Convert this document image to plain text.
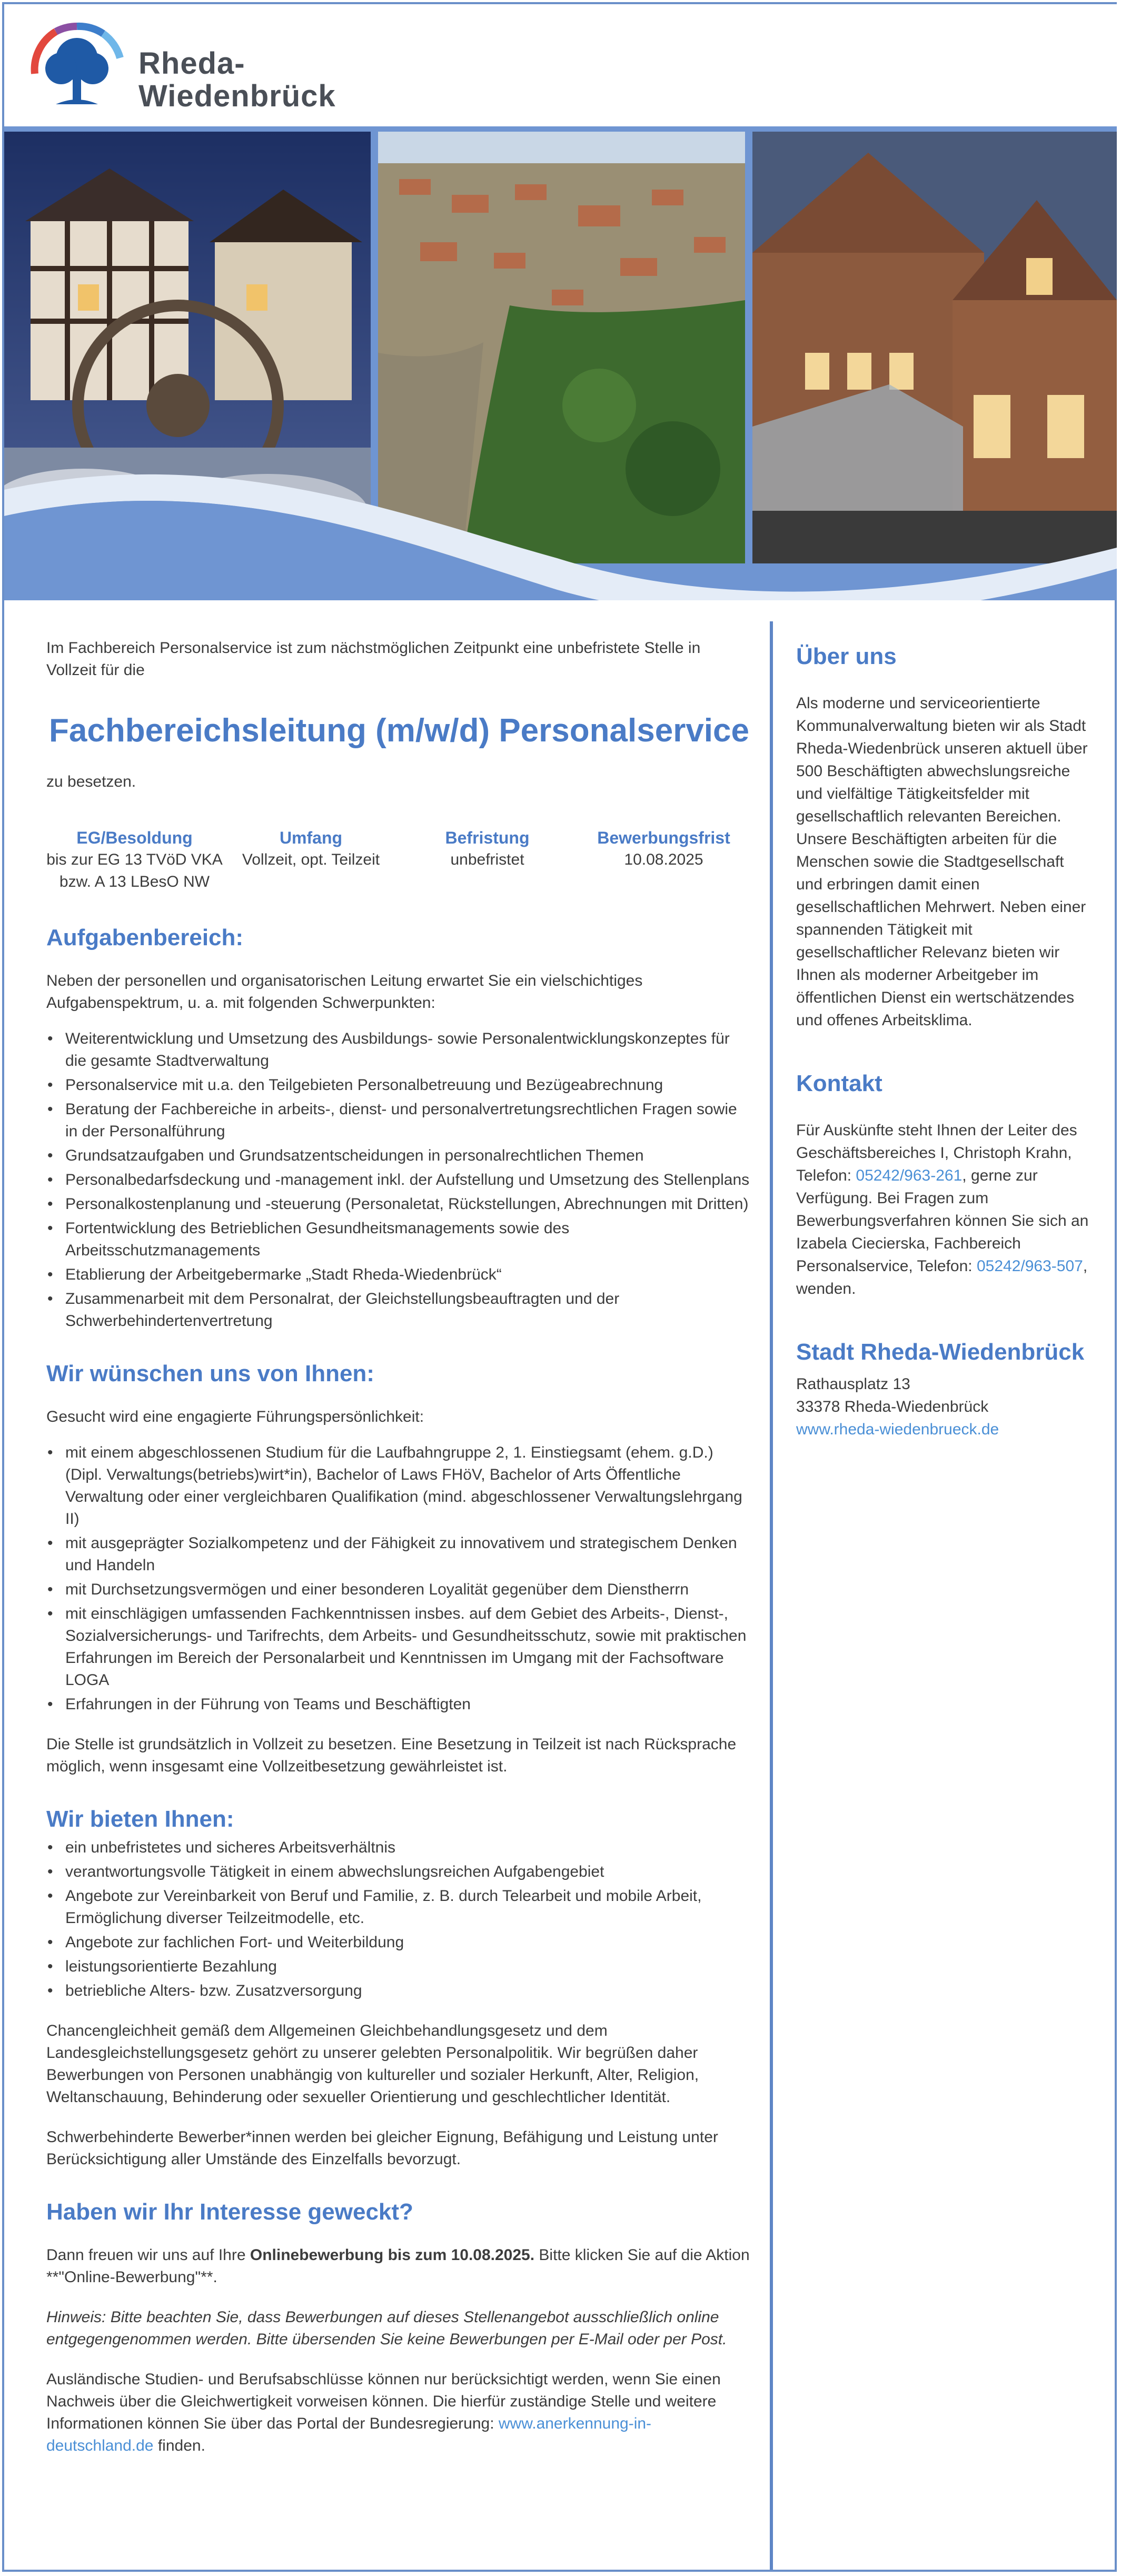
Rheda-
Wiedenbrück

Im Fachbereich Personalservice ist zum nächstmöglichen Zeitpunkt eine unbefristete Stelle in Vollzeit für die

Fachbereichsleitung (m/w/d) Personalservice

zu besetzen.

EG/Besoldung
bis zur EG 13 TVöD VKA
bzw. A 13 LBesO NW
Umfang
Vollzeit, opt. Teilzeit
Befristung
unbefristet
Bewerbungsfrist
10.08.2025
Aufgabenbereich:

Neben der personellen und organisatorischen Leitung erwartet Sie ein vielschichtiges Aufgabenspektrum, u. a. mit folgenden Schwerpunkten:

• Weiterentwicklung und Umsetzung des Ausbildungs- sowie Personalentwicklungskonzeptes für die gesamte Stadtverwaltung
• Personalservice mit u.a. den Teilgebieten Personalbetreuung und Bezügeabrechnung
• Beratung der Fachbereiche in arbeits-, dienst- und personalvertretungsrechtlichen Fragen sowie in der Personalführung
• Grundsatzaufgaben und Grundsatzentscheidungen in personalrechtlichen Themen
• Personalbedarfsdeckung und -management inkl. der Aufstellung und Umsetzung des Stellenplans
• Personalkostenplanung und -steuerung (Personaletat, Rückstellungen, Abrechnungen mit Dritten)
• Fortentwicklung des Betrieblichen Gesundheitsmanagements sowie des Arbeitsschutzmanagements
• Etablierung der Arbeitgebermarke „Stadt Rheda-Wiedenbrück“
• Zusammenarbeit mit dem Personalrat, der Gleichstellungsbeauftragten und der Schwerbehindertenvertretung
Wir wünschen uns von Ihnen:

Gesucht wird eine engagierte Führungspersönlichkeit:

• mit einem abgeschlossenen Studium für die Laufbahngruppe 2, 1. Einstiegsamt (ehem. g.D.) (Dipl. Verwaltungs(betriebs)wirt*in), Bachelor of Laws FHöV, Bachelor of Arts Öffentliche Verwaltung oder einer vergleichbaren Qualifikation (mind. abgeschlossener Verwaltungslehrgang II)
• mit ausgeprägter Sozialkompetenz und der Fähigkeit zu innovativem und strategischem Denken und Handeln
• mit Durchsetzungsvermögen und einer besonderen Loyalität gegenüber dem Dienstherrn
• mit einschlägigen umfassenden Fachkenntnissen insbes. auf dem Gebiet des Arbeits-, Dienst-, Sozialversicherungs- und Tarifrechts, dem Arbeits- und Gesundheitsschutz, sowie mit praktischen Erfahrungen im Bereich der Personalarbeit und Kenntnissen im Umgang mit der Fachsoftware LOGA
• Erfahrungen in der Führung von Teams und Beschäftigten

Die Stelle ist grundsätzlich in Vollzeit zu besetzen. Eine Besetzung in Teilzeit ist nach Rücksprache möglich, wenn insgesamt eine Vollzeitbesetzung gewährleistet ist.

Wir bieten Ihnen:
• ein unbefristetes und sicheres Arbeitsverhältnis
• verantwortungsvolle Tätigkeit in einem abwechslungsreichen Aufgabengebiet
• Angebote zur Vereinbarkeit von Beruf und Familie, z. B. durch Telearbeit und mobile Arbeit, Ermöglichung diverser Teilzeitmodelle, etc.
• Angebote zur fachlichen Fort- und Weiterbildung
• leistungsorientierte Bezahlung
• betriebliche Alters- bzw. Zusatzversorgung

Chancengleichheit gemäß dem Allgemeinen Gleichbehandlungsgesetz und dem Landesgleichstellungsgesetz gehört zu unserer gelebten Personalpolitik. Wir begrüßen daher Bewerbungen von Personen unabhängig von kultureller und sozialer Herkunft, Alter, Religion, Weltanschauung, Behinderung oder sexueller Orientierung und geschlechtlicher Identität.

Schwerbehinderte Bewerber*innen werden bei gleicher Eignung, Befähigung und Leistung unter Berücksichtigung aller Umstände des Einzelfalls bevorzugt.

Haben wir Ihr Interesse geweckt?

Dann freuen wir uns auf Ihre Onlinebewerbung bis zum 10.08.2025. Bitte klicken Sie auf die Aktion **"Online-Bewerbung"**.

Hinweis: Bitte beachten Sie, dass Bewerbungen auf dieses Stellenangebot ausschließlich online entgegengenommen werden. Bitte übersenden Sie keine Bewerbungen per E-Mail oder per Post.

Ausländische Studien- und Berufsabschlüsse können nur berücksichtigt werden, wenn Sie einen Nachweis über die Gleichwertigkeit vorweisen können. Die hierfür zuständige Stelle und weitere Informationen können Sie über das Portal der Bundesregierung: www.anerkennung-in-deutschland.de finden.

Über uns

Als moderne und serviceorientierte Kommunalverwaltung bieten wir als Stadt Rheda-Wiedenbrück unseren aktuell über 500 Beschäftigten abwechslungsreiche und vielfältige Tätigkeitsfelder mit gesellschaftlich relevanten Bereichen. Unsere Beschäftigten arbeiten für die Menschen sowie die Stadtgesellschaft und erbringen damit einen gesellschaftlichen Mehrwert. Neben einer spannenden Tätigkeit mit gesellschaftlicher Relevanz bieten wir Ihnen als moderner Arbeitgeber im öffentlichen Dienst ein wertschätzendes und offenes Arbeitsklima.

Kontakt

Für Auskünfte steht Ihnen der Leiter des Geschäftsbereiches I, Christoph Krahn, Telefon: 05242/963-261, gerne zur Verfügung. Bei Fragen zum Bewerbungsverfahren können Sie sich an Izabela Ciecierska, Fachbereich Personalservice, Telefon: 05242/963-507, wenden.

Stadt Rheda-Wiedenbrück

Rathausplatz 13

33378 Rheda-Wiedenbrück

www.rheda-wiedenbrueck.de
